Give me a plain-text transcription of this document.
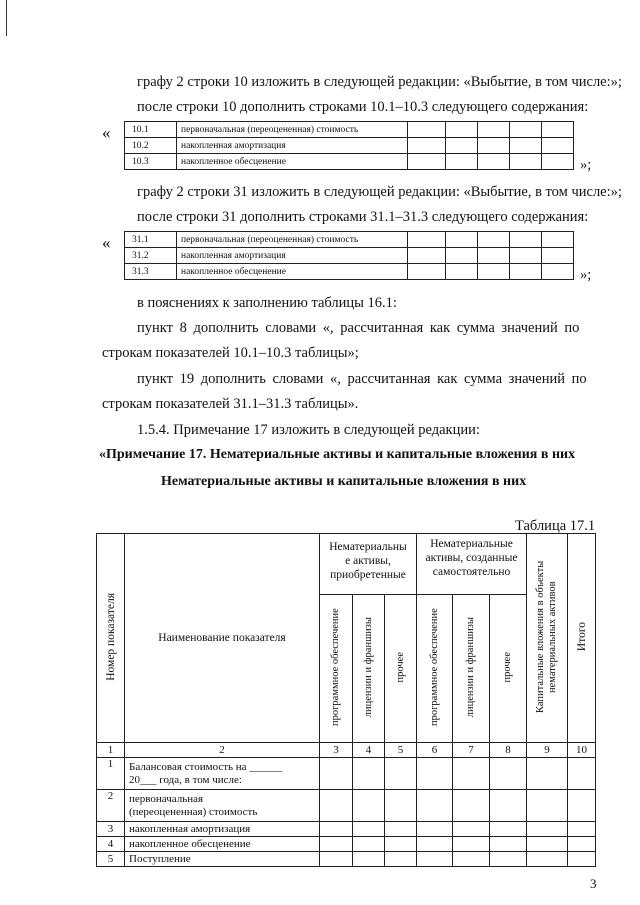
графу 2 строки 10 изложить в следующей редакции: «Выбытие, в том числе:»;
после строки 10 дополнить строками 10.1–10.3 следующего содержания:
« 10.1	первоначальная (переоцененная) стоимость					
10.2	накопленная амортизация					
10.3	накопленное обесценение						»;
графу 2 строки 31 изложить в следующей редакции: «Выбытие, в том числе:»;
после строки 31 дополнить строками 31.1–31.3 следующего содержания:
« 31.1	первоначальная (переоцененная) стоимость					
31.2	накопленная амортизация					
31.3	накопленное обесценение						»;
в пояснениях к заполнению таблицы 16.1:
пункт 8 дополнить словами «, рассчитанная как сумма значений по
строкам показателей 10.1–10.3 таблицы»;
пункт 19 дополнить словами «, рассчитанная как сумма значений по
строкам показателей 31.1–31.3 таблицы».
1.5.4. Примечание 17 изложить в следующей редакции:
«Примечание 17. Нематериальные активы и капитальные вложения в них
Нематериальные активы и капитальные вложения в них
Таблица 17.1
Номер показателя	Наименование показателя	Нематериальны е активы, приобретенные			Нематериальные активы, созданные самостоятельно			Капитальные вложения в объекты нематериальных активов	Итого
		программное обеспечение	лицензии и франшизы	прочее	программное обеспечение	лицензии и франшизы	прочее		
1	2	3	4	5	6	7	8	9	10
1	Балансовая стоимость на ______
20___ года, в том числе:								

2	первоначальная
(переоцененная) стоимость								

3	накопленная амортизация								
4	накопленное обесценение								
5	Поступление								
3
